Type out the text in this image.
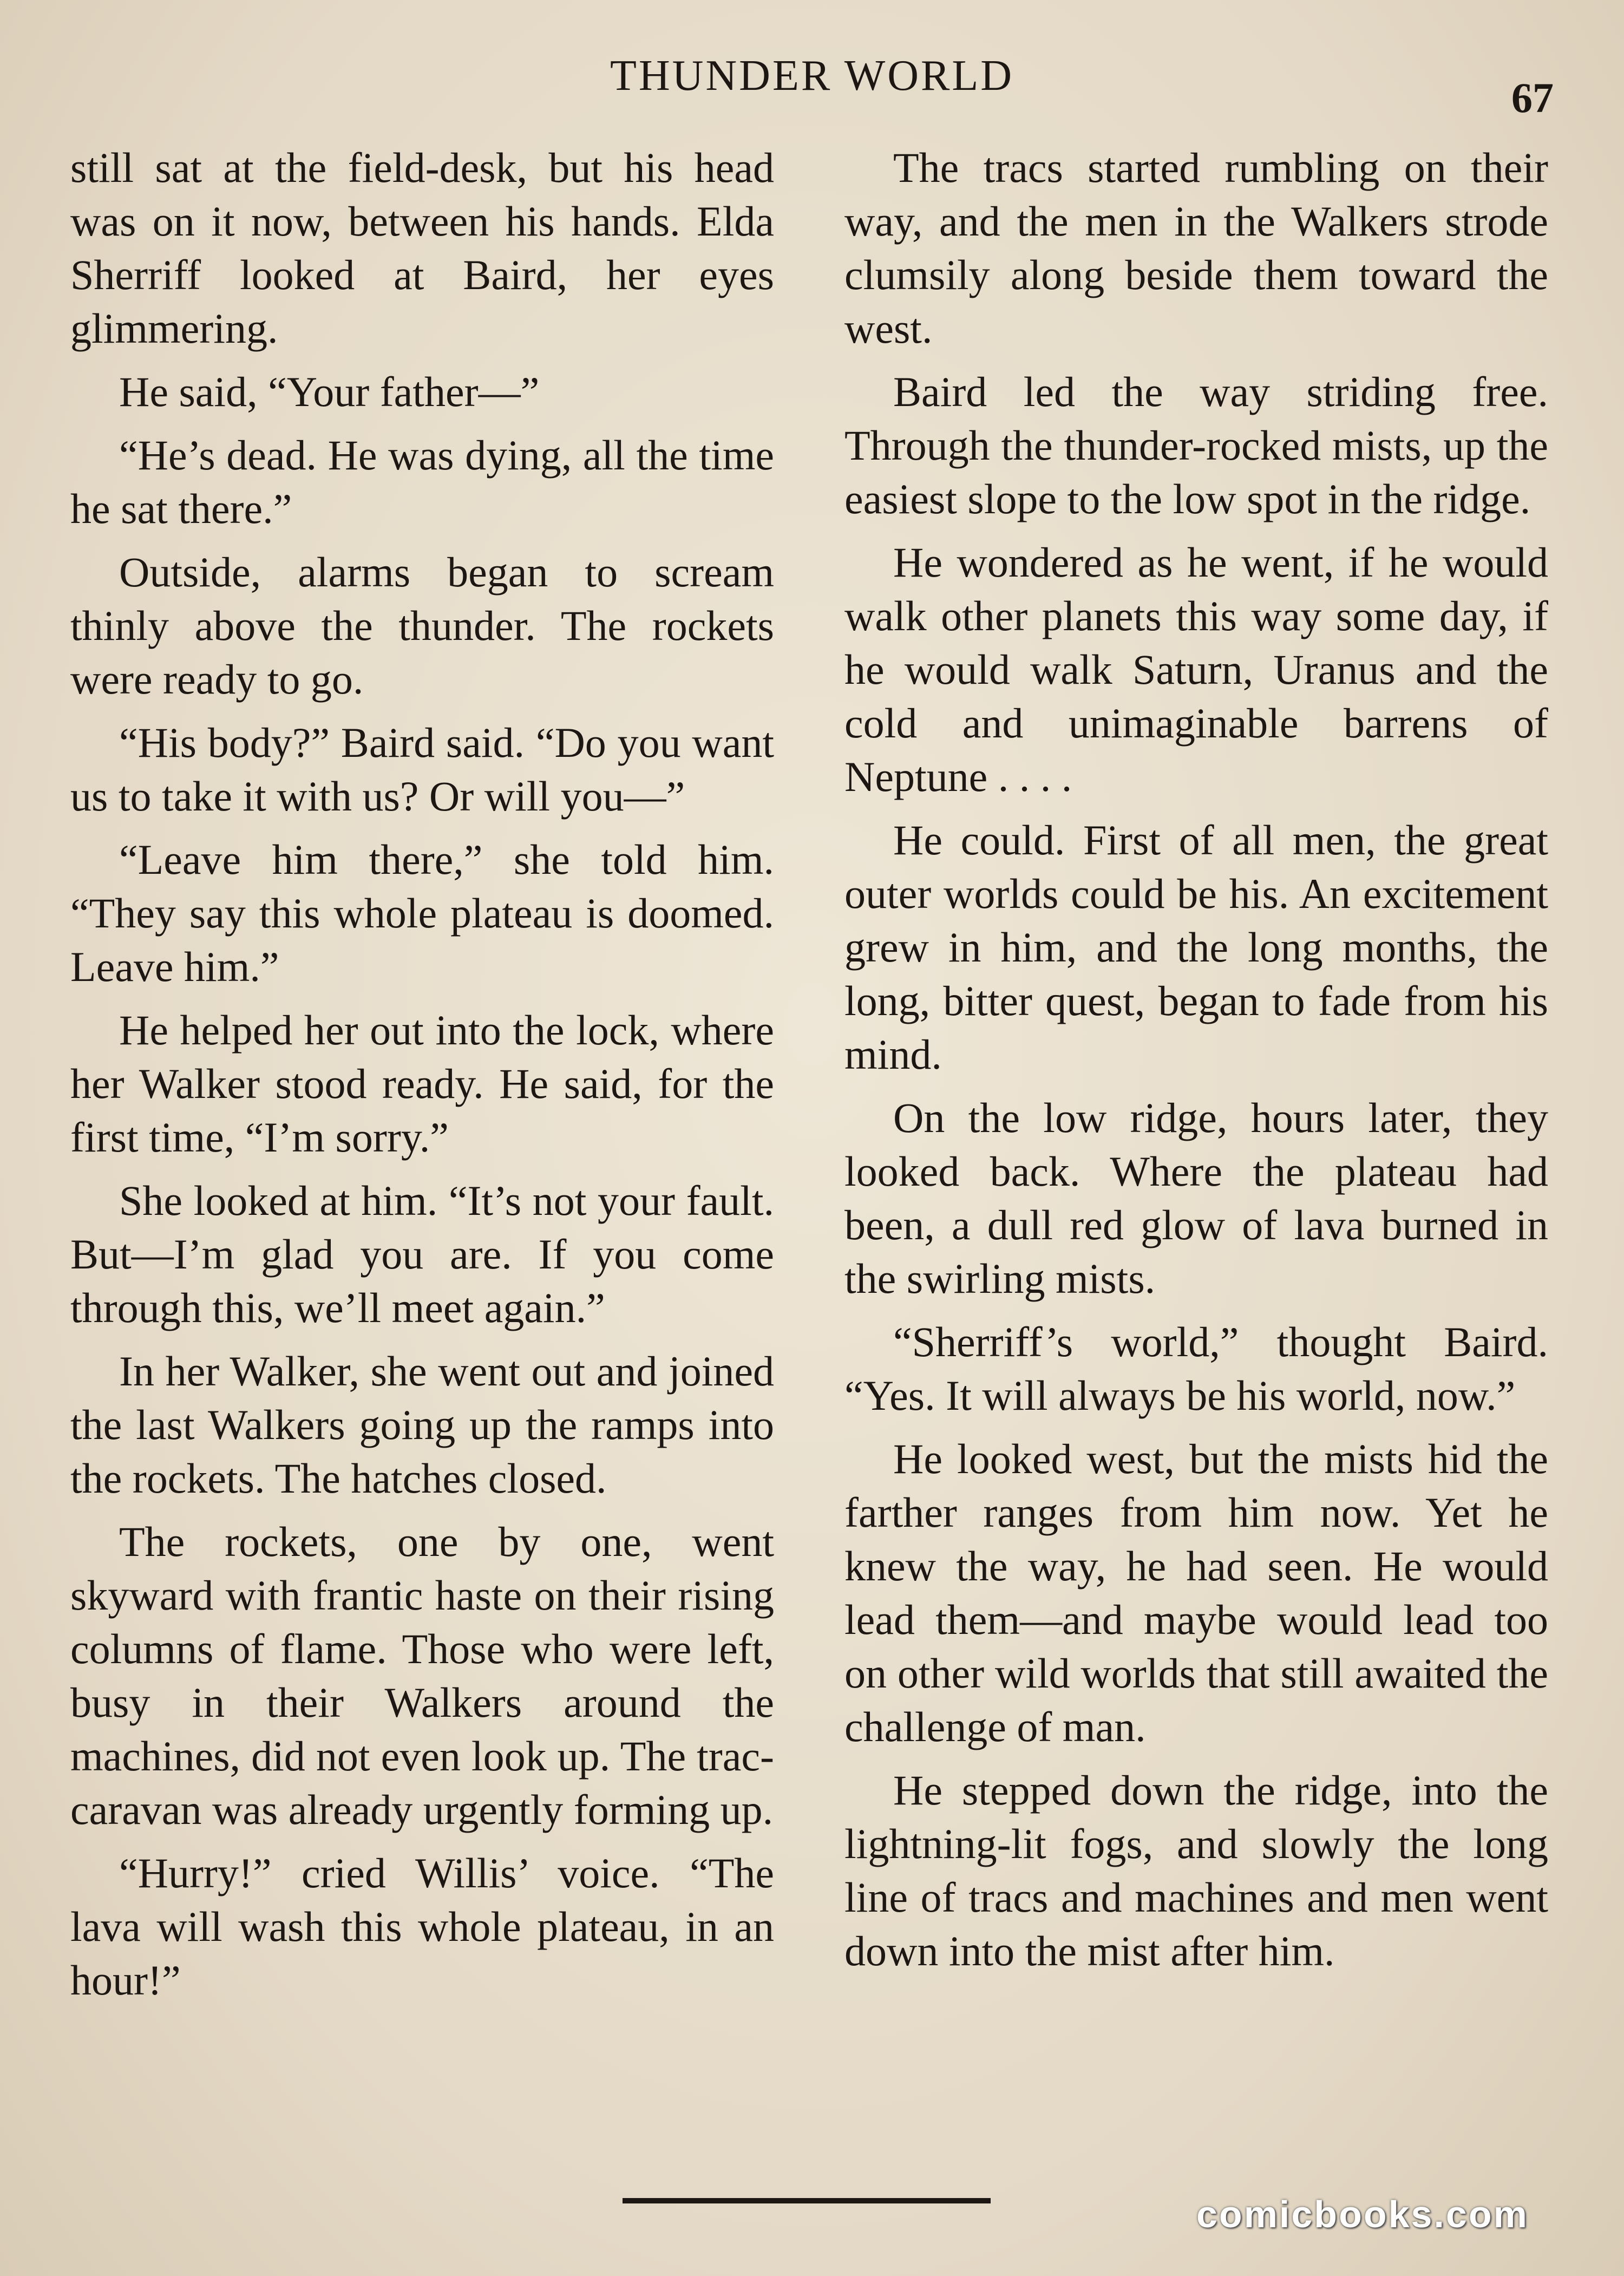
THUNDER WORLD	67

still sat at the field-desk, but his head was on it now, between his hands. Elda Sherriff looked at Baird, her eyes glimmering.

He said, “Your father—”

“He’s dead. He was dying, all the time he sat there.”

Outside, alarms began to scream thinly above the thunder. The rockets were ready to go.

“His body?” Baird said. “Do you want us to take it with us? Or will you—”

“Leave him there,” she told him. “They say this whole plateau is doomed. Leave him.”

He helped her out into the lock, where her Walker stood ready. He said, for the first time, “I’m sorry.”

She looked at him. “It’s not your fault. But—I’m glad you are. If you come through this, we’ll meet again.”

In her Walker, she went out and joined the last Walkers going up the ramps into the rockets. The hatches closed.

The rockets, one by one, went skyward with frantic haste on their rising columns of flame. Those who were left, busy in their Walkers around the machines, did not even look up. The trac-caravan was already urgently forming up.

“Hurry!” cried Willis’ voice. “The lava will wash this whole plateau, in an hour!”

The tracs started rumbling on their way, and the men in the Walkers strode clumsily along beside them toward the west.

Baird led the way striding free. Through the thunder-rocked mists, up the easiest slope to the low spot in the ridge.

He wondered as he went, if he would walk other planets this way some day, if he would walk Saturn, Uranus and the cold and unimaginable barrens of Neptune . . . .

He could. First of all men, the great outer worlds could be his. An excitement grew in him, and the long months, the long, bitter quest, began to fade from his mind.

On the low ridge, hours later, they looked back. Where the plateau had been, a dull red glow of lava burned in the swirling mists.

“Sherriff’s world,” thought Baird. “Yes. It will always be his world, now.”

He looked west, but the mists hid the farther ranges from him now. Yet he knew the way, he had seen. He would lead them—and maybe would lead too on other wild worlds that still awaited the challenge of man.

He stepped down the ridge, into the lightning-lit fogs, and slowly the long line of tracs and machines and men went down into the mist after him.

comicbooks.com
